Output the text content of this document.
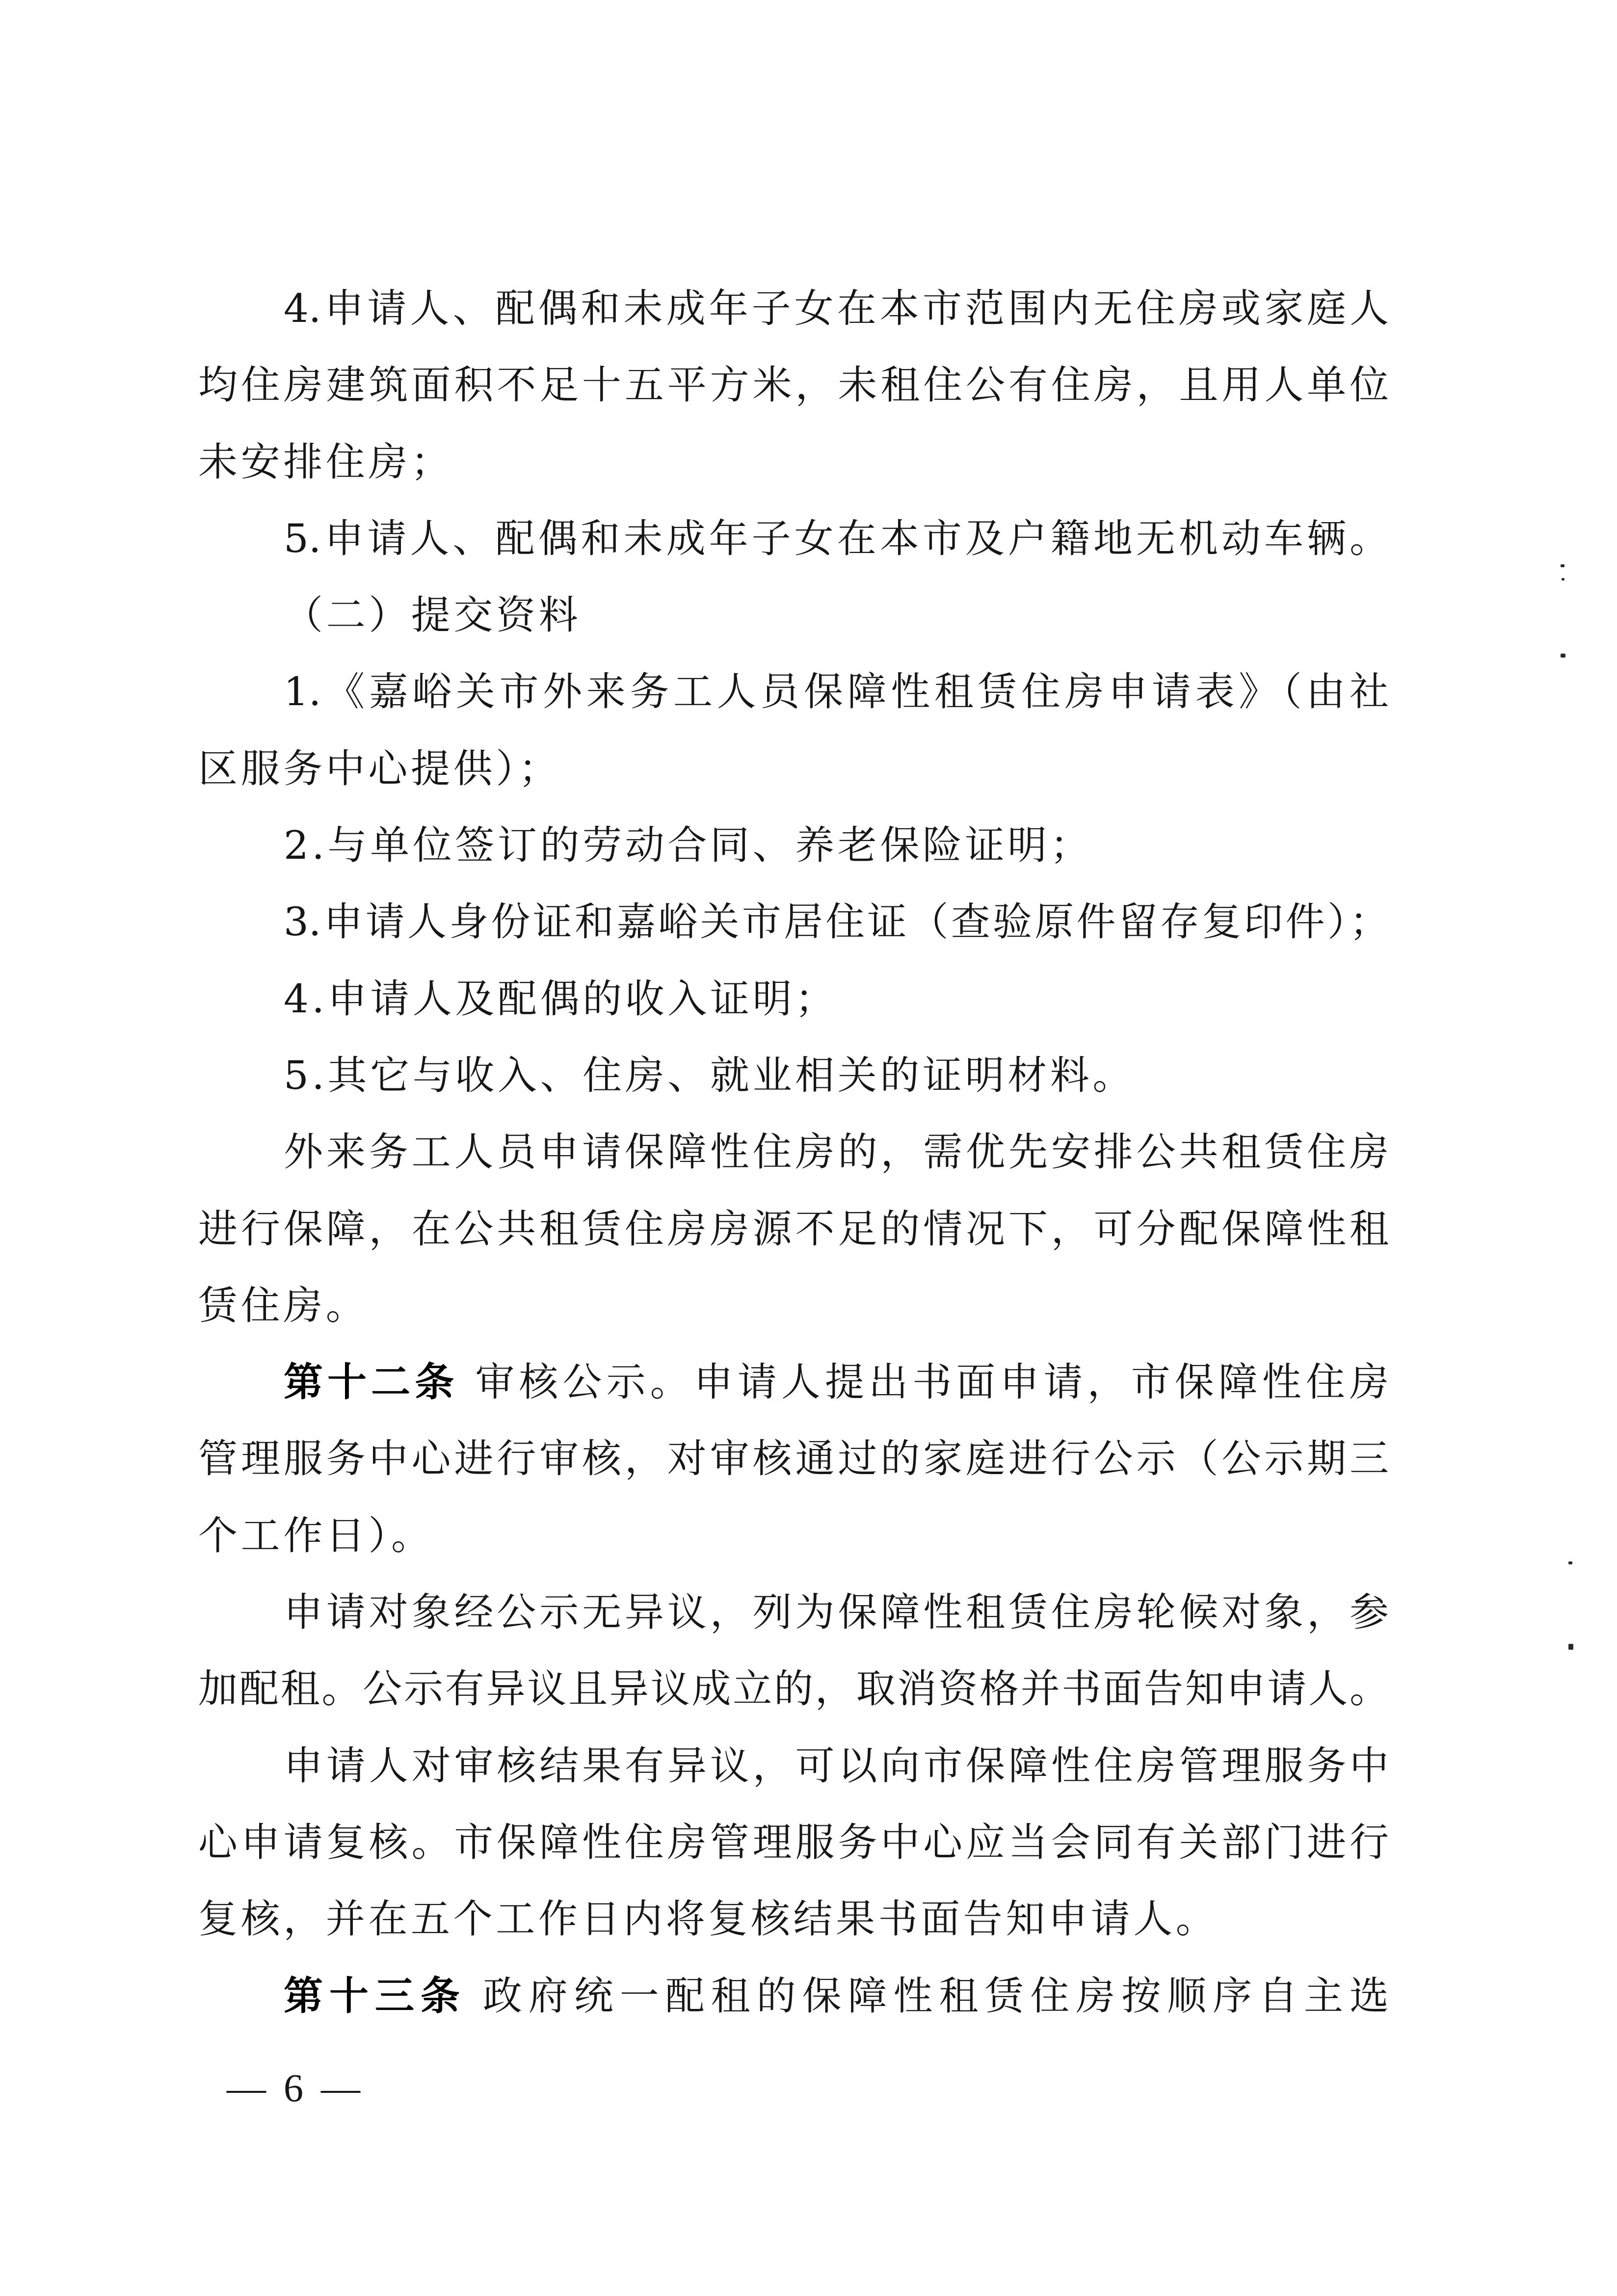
4.申请人、配偶和未成年子女在本市范围内无住房或家庭人
均住房建筑面积不足十五平方米，未租住公有住房，且用人单位
未安排住房；
5.申请人、配偶和未成年子女在本市及户籍地无机动车辆。
（二）提交资料
1.《嘉峪关市外来务工人员保障性租赁住房申请表》（由社
区服务中心提供）；
2.与单位签订的劳动合同、养老保险证明；
3.申请人身份证和嘉峪关市居住证（查验原件留存复印件）；
4.申请人及配偶的收入证明；
5.其它与收入、住房、就业相关的证明材料。
外来务工人员申请保障性住房的，需优先安排公共租赁住房
进行保障，在公共租赁住房房源不足的情况下，可分配保障性租
赁住房。
第十二条 审核公示。申请人提出书面申请，市保障性住房
管理服务中心进行审核，对审核通过的家庭进行公示（公示期三
个工作日）。
申请对象经公示无异议，列为保障性租赁住房轮候对象，参
加配租。公示有异议且异议成立的，取消资格并书面告知申请人。
申请人对审核结果有异议，可以向市保障性住房管理服务中
心申请复核。市保障性住房管理服务中心应当会同有关部门进行
复核，并在五个工作日内将复核结果书面告知申请人。
第十三条 政府统一配租的保障性租赁住房按顺序自主选
— 6 —
